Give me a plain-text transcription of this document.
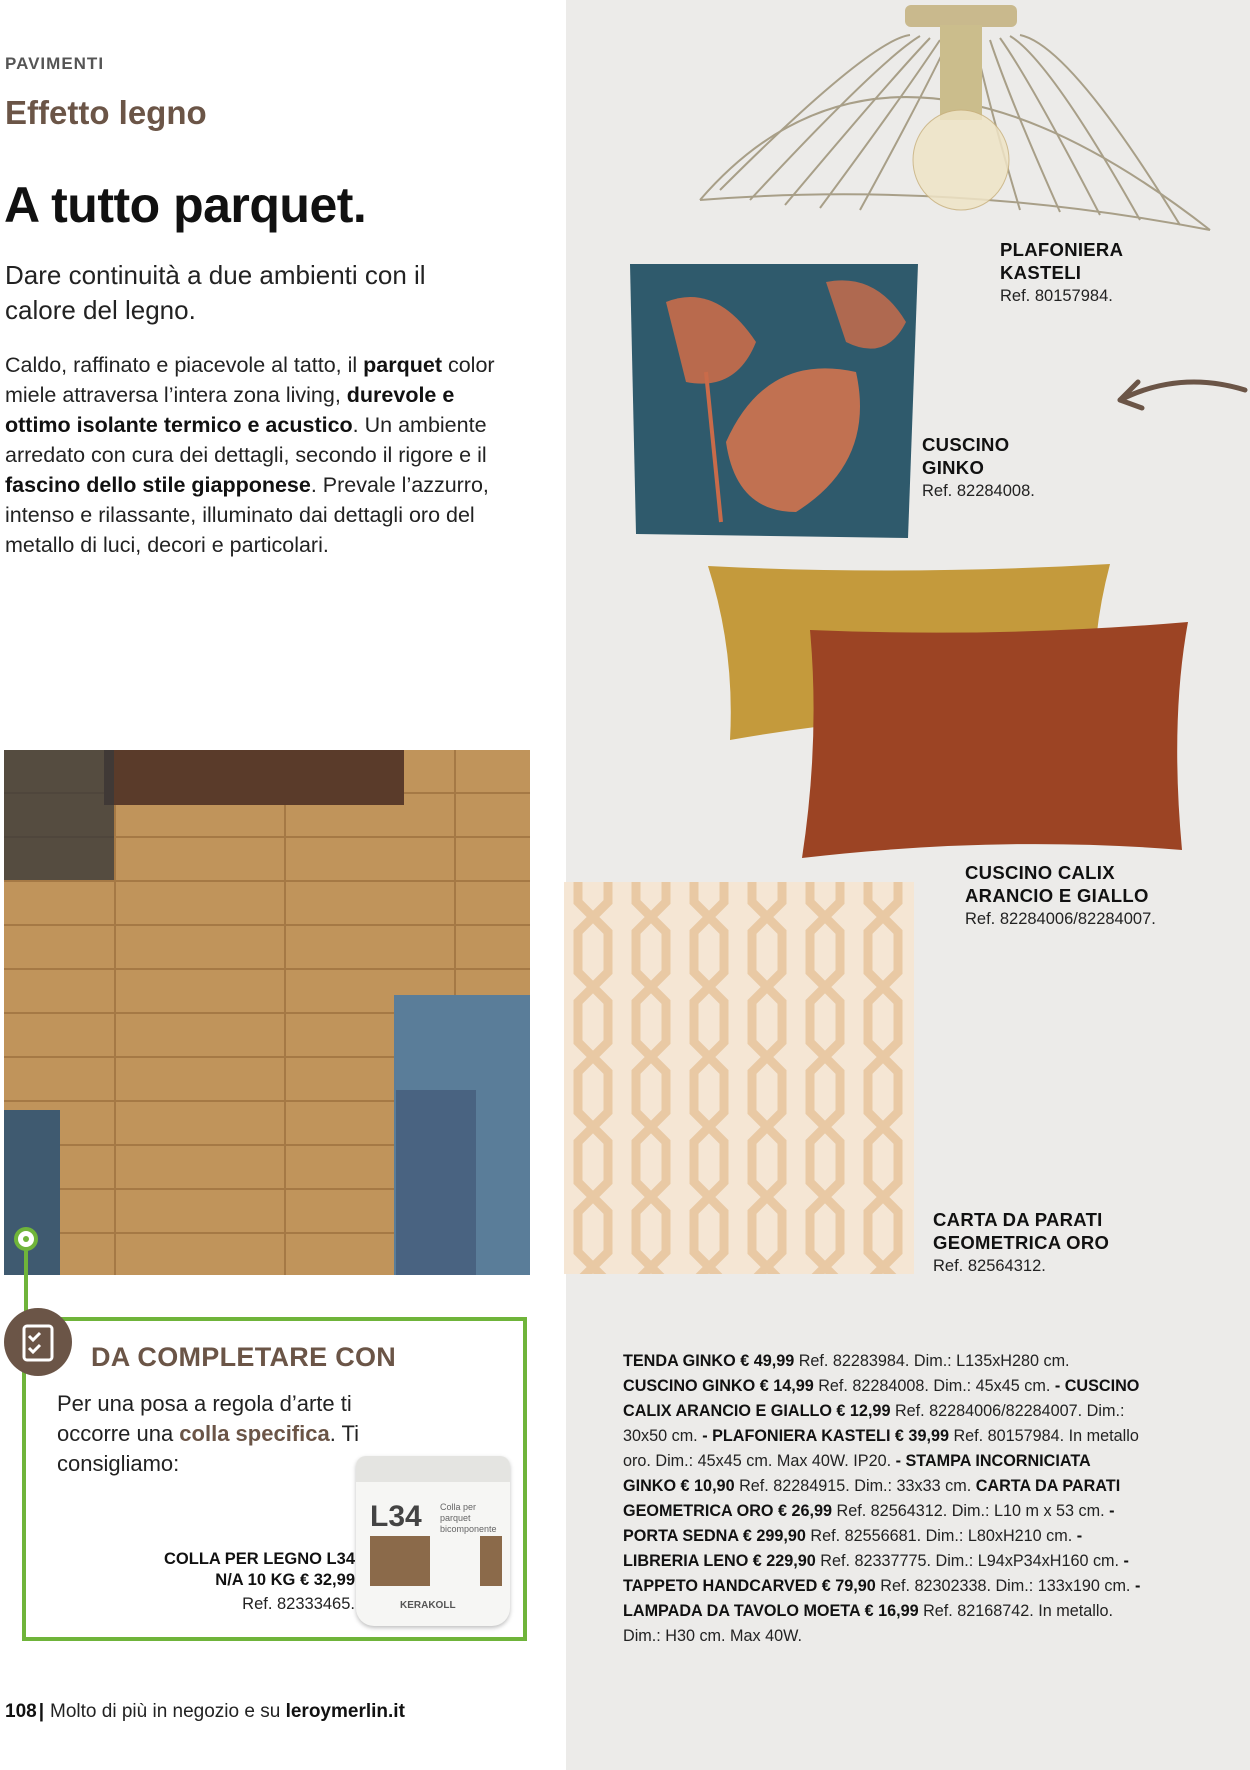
PAVIMENTI
Effetto legno
A tutto parquet.
Dare continuità a due ambienti con il calore del legno.
Caldo, raffinato e piacevole al tatto, il parquet color miele attraversa l’intera zona living, durevole e ottimo isolante termico e acustico. Un ambiente arredato con cura dei dettagli, secondo il rigore e il fascino dello stile giapponese. Prevale l’azzurro, intenso e rilassante, illuminato dai dettagli oro del metallo di luci, decori e particolari.
PLAFONIERA
KASTELI
Ref. 80157984.
CUSCINO
GINKO
Ref. 82284008.
CUSCINO CALIX
ARANCIO E GIALLO
Ref. 82284006/82284007.
CARTA DA PARATI
GEOMETRICA ORO
Ref. 82564312.
DA COMPLETARE CON
Per una posa a regola d’arte ti occorre una colla specifica. Ti consigliamo:
L34 Colla per parquet bicomponente
KERAKOLL
COLLA PER LEGNO L34
N/A 10 KG € 32,99
Ref. 82333465.
TENDA GINKO € 49,99 Ref. 82283984. Dim.: L135xH280 cm. CUSCINO GINKO € 14,99 Ref. 82284008. Dim.: 45x45 cm. - CUSCINO CALIX ARANCIO E GIALLO € 12,99 Ref. 82284006/82284007. Dim.: 30x50 cm. - PLAFONIERA KASTELI € 39,99 Ref. 80157984. In metallo oro. Dim.: 45x45 cm. Max 40W. IP20. - STAMPA INCORNICIATA GINKO € 10,90 Ref. 82284915. Dim.: 33x33 cm. CARTA DA PARATI GEOMETRICA ORO € 26,99 Ref. 82564312. Dim.: L10 m x 53 cm. - PORTA SEDNA € 299,90 Ref. 82556681. Dim.: L80xH210 cm. - LIBRERIA LENO € 229,90 Ref. 82337775. Dim.: L94xP34xH160 cm. - TAPPETO HANDCARVED € 79,90 Ref. 82302338. Dim.: 133x190 cm. - LAMPADA DA TAVOLO MOETA € 16,99 Ref. 82168742. In metallo. Dim.: H30 cm. Max 40W.
108 | Molto di più in negozio e su leroymerlin.it
